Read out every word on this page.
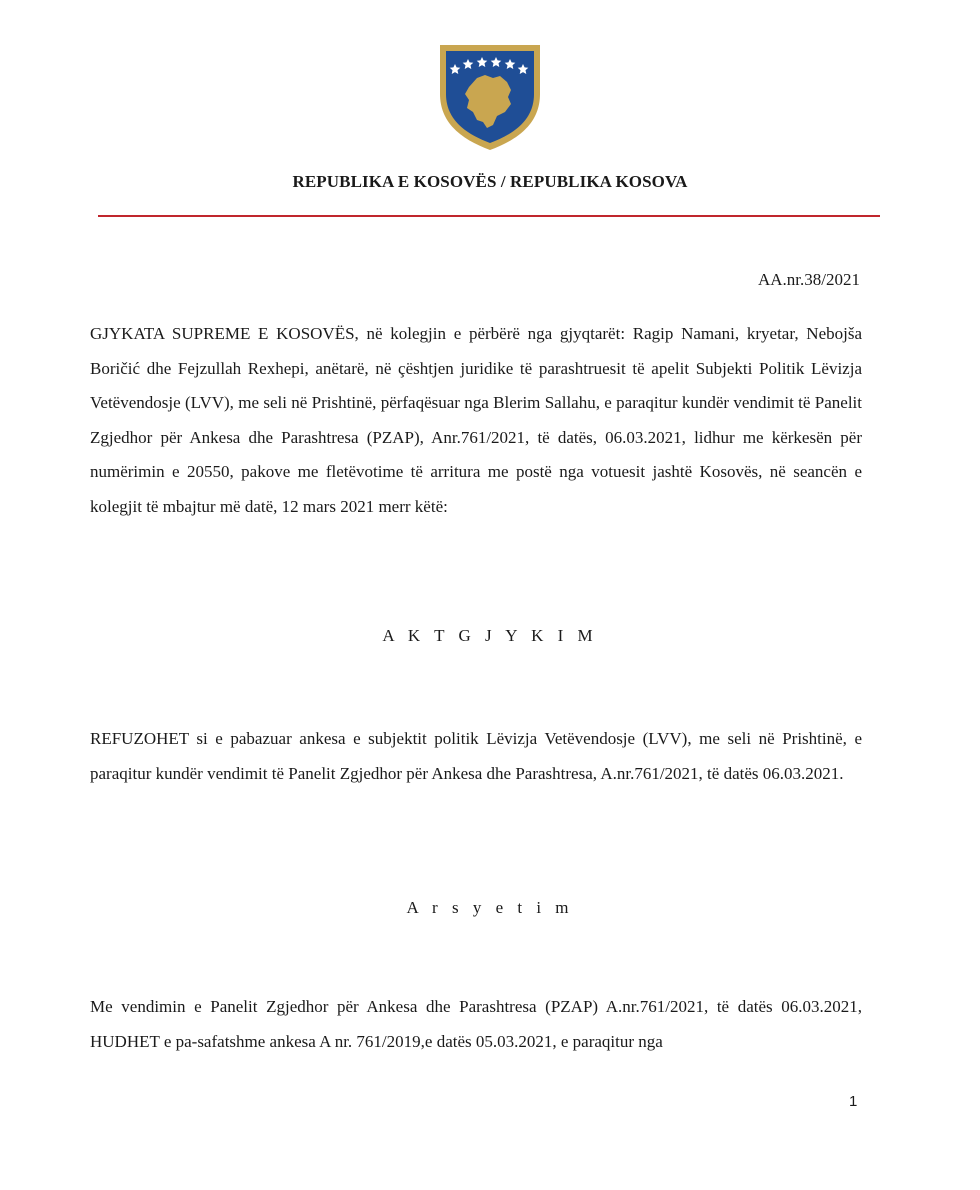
REPUBLIKA E KOSOVËS / REPUBLIKA KOSOVA
AA.nr.38/2021
GJYKATA SUPREME E KOSOVËS, në kolegjin e përbërë nga gjyqtarët: Ragip Namani, kryetar, Nebojša Boričić dhe Fejzullah Rexhepi, anëtarë, në çështjen juridike të parashtruesit të apelit Subjekti Politik Lëvizja Vetëvendosje (LVV), me seli në Prishtinë, përfaqësuar nga Blerim Sallahu, e paraqitur kundër vendimit të Panelit Zgjedhor për Ankesa dhe Parashtresa (PZAP), Anr.761/2021, të datës, 06.03.2021, lidhur me kërkesën për numërimin e 20550, pakove me fletëvotime të arritura me postë nga votuesit jashtë Kosovës, në seancën e kolegjit të mbajtur më datë, 12 mars 2021 merr këtë:
A K T G J Y K I M
REFUZOHET si e pabazuar ankesa e subjektit politik Lëvizja Vetëvendosje (LVV), me seli në Prishtinë, e paraqitur kundër vendimit të Panelit Zgjedhor për Ankesa dhe Parashtresa, A.nr.761/2021, të datës 06.03.2021.
A r s y e t i m
Me vendimin e Panelit Zgjedhor për Ankesa dhe Parashtresa (PZAP) A.nr.761/2021, të datës 06.03.2021, HUDHET e pa-safatshme ankesa A nr. 761/2019,e datës 05.03.2021, e paraqitur nga
1
